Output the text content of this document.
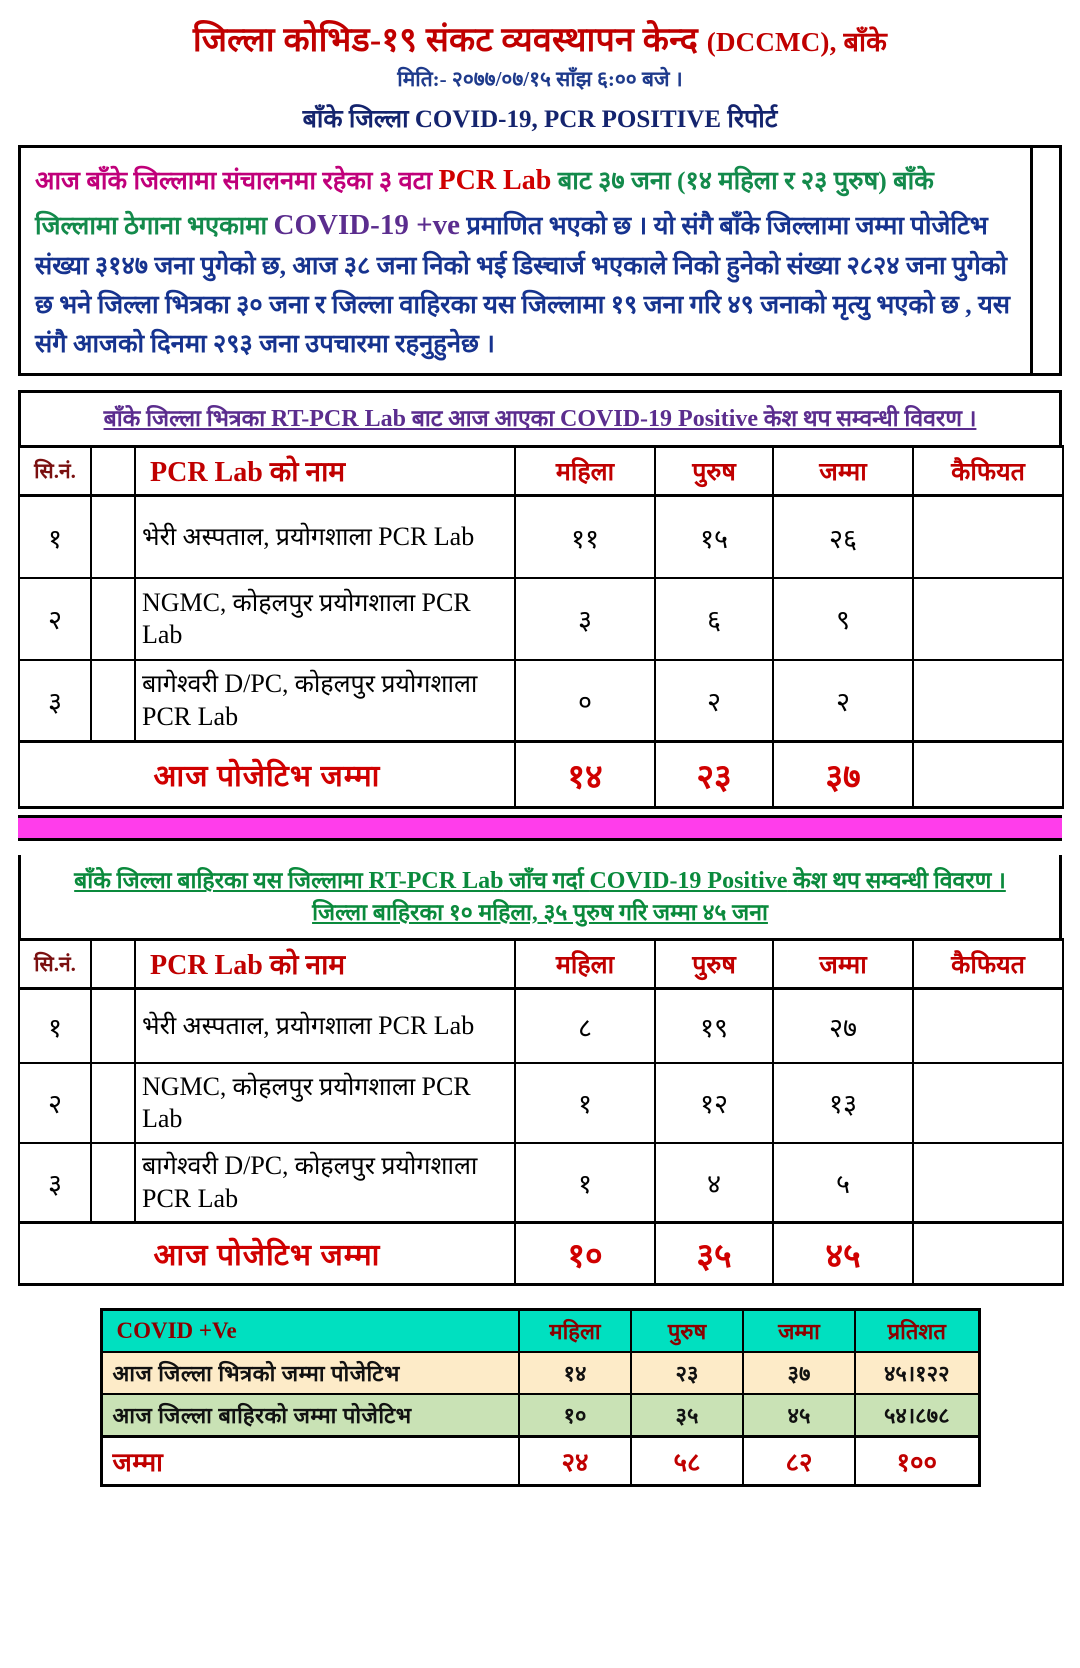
जिल्ला कोभिड-१९ संकट व्यवस्थापन केन्द (DCCMC), बाँके
मिति:- २०७७/०७/१५ साँझ ६:०० बजे ।
बाँके जिल्ला COVID-19, PCR POSITIVE रिपोर्ट
आज बाँके जिल्लामा संचालनमा रहेका ३ वटा PCR Lab बाट ३७ जना (१४ महिला र २३ पुरुष) बाँके जिल्लामा ठेगाना भएकामा COVID-19 +ve प्रमाणित भएको छ । यो संगै बाँके जिल्लामा जम्मा पोजेटिभ संख्या ३१४७ जना पुगेको छ, आज ३८ जना निको भई डिस्चार्ज भएकाले निको हुनेको संख्या २८२४ जना पुगेको छ भने जिल्ला भित्रका ३० जना र जिल्ला वाहिरका यस जिल्लामा १९ जना गरि ४९ जनाको मृत्यु भएको छ , यस संगै आजको दिनमा २९३ जना उपचारमा रहनुहुनेछ ।
बाँके जिल्ला भित्रका RT-PCR Lab बाट आज आएका COVID-19 Positive केश थप सम्वन्धी विवरण ।
सि.नं.		PCR Lab को नाम	महिला	पुरुष	जम्मा	कैफियत
१		भेरी अस्पताल, प्रयोगशाला PCR Lab	११	१५	२६	
२		NGMC, कोहलपुर प्रयोगशाला PCR Lab	३	६	९	
३		बागेश्वरी D/PC, कोहलपुर प्रयोगशाला PCR Lab	०	२	२	
आज पोजेटिभ जम्मा			१४	२३	३७	
बाँके जिल्ला बाहिरका यस जिल्लामा RT-PCR Lab जाँच गर्दा COVID-19 Positive केश थप सम्वन्धी विवरण ।
जिल्ला बाहिरका १० महिला, ३५ पुरुष गरि जम्मा ४५ जना
सि.नं.		PCR Lab को नाम	महिला	पुरुष	जम्मा	कैफियत
१		भेरी अस्पताल, प्रयोगशाला PCR Lab	८	१९	२७	
२		NGMC, कोहलपुर प्रयोगशाला PCR Lab	१	१२	१३	
३		बागेश्वरी D/PC, कोहलपुर प्रयोगशाला PCR Lab	१	४	५	
आज पोजेटिभ जम्मा			१०	३५	४५	
COVID +Ve	महिला	पुरुष	जम्मा	प्रतिशत
आज जिल्ला भित्रको जम्मा पोजेटिभ	१४	२३	३७	४५।१२२
आज जिल्ला बाहिरको जम्मा पोजेटिभ	१०	३५	४५	५४।८७८
जम्मा	२४	५८	८२	१००
